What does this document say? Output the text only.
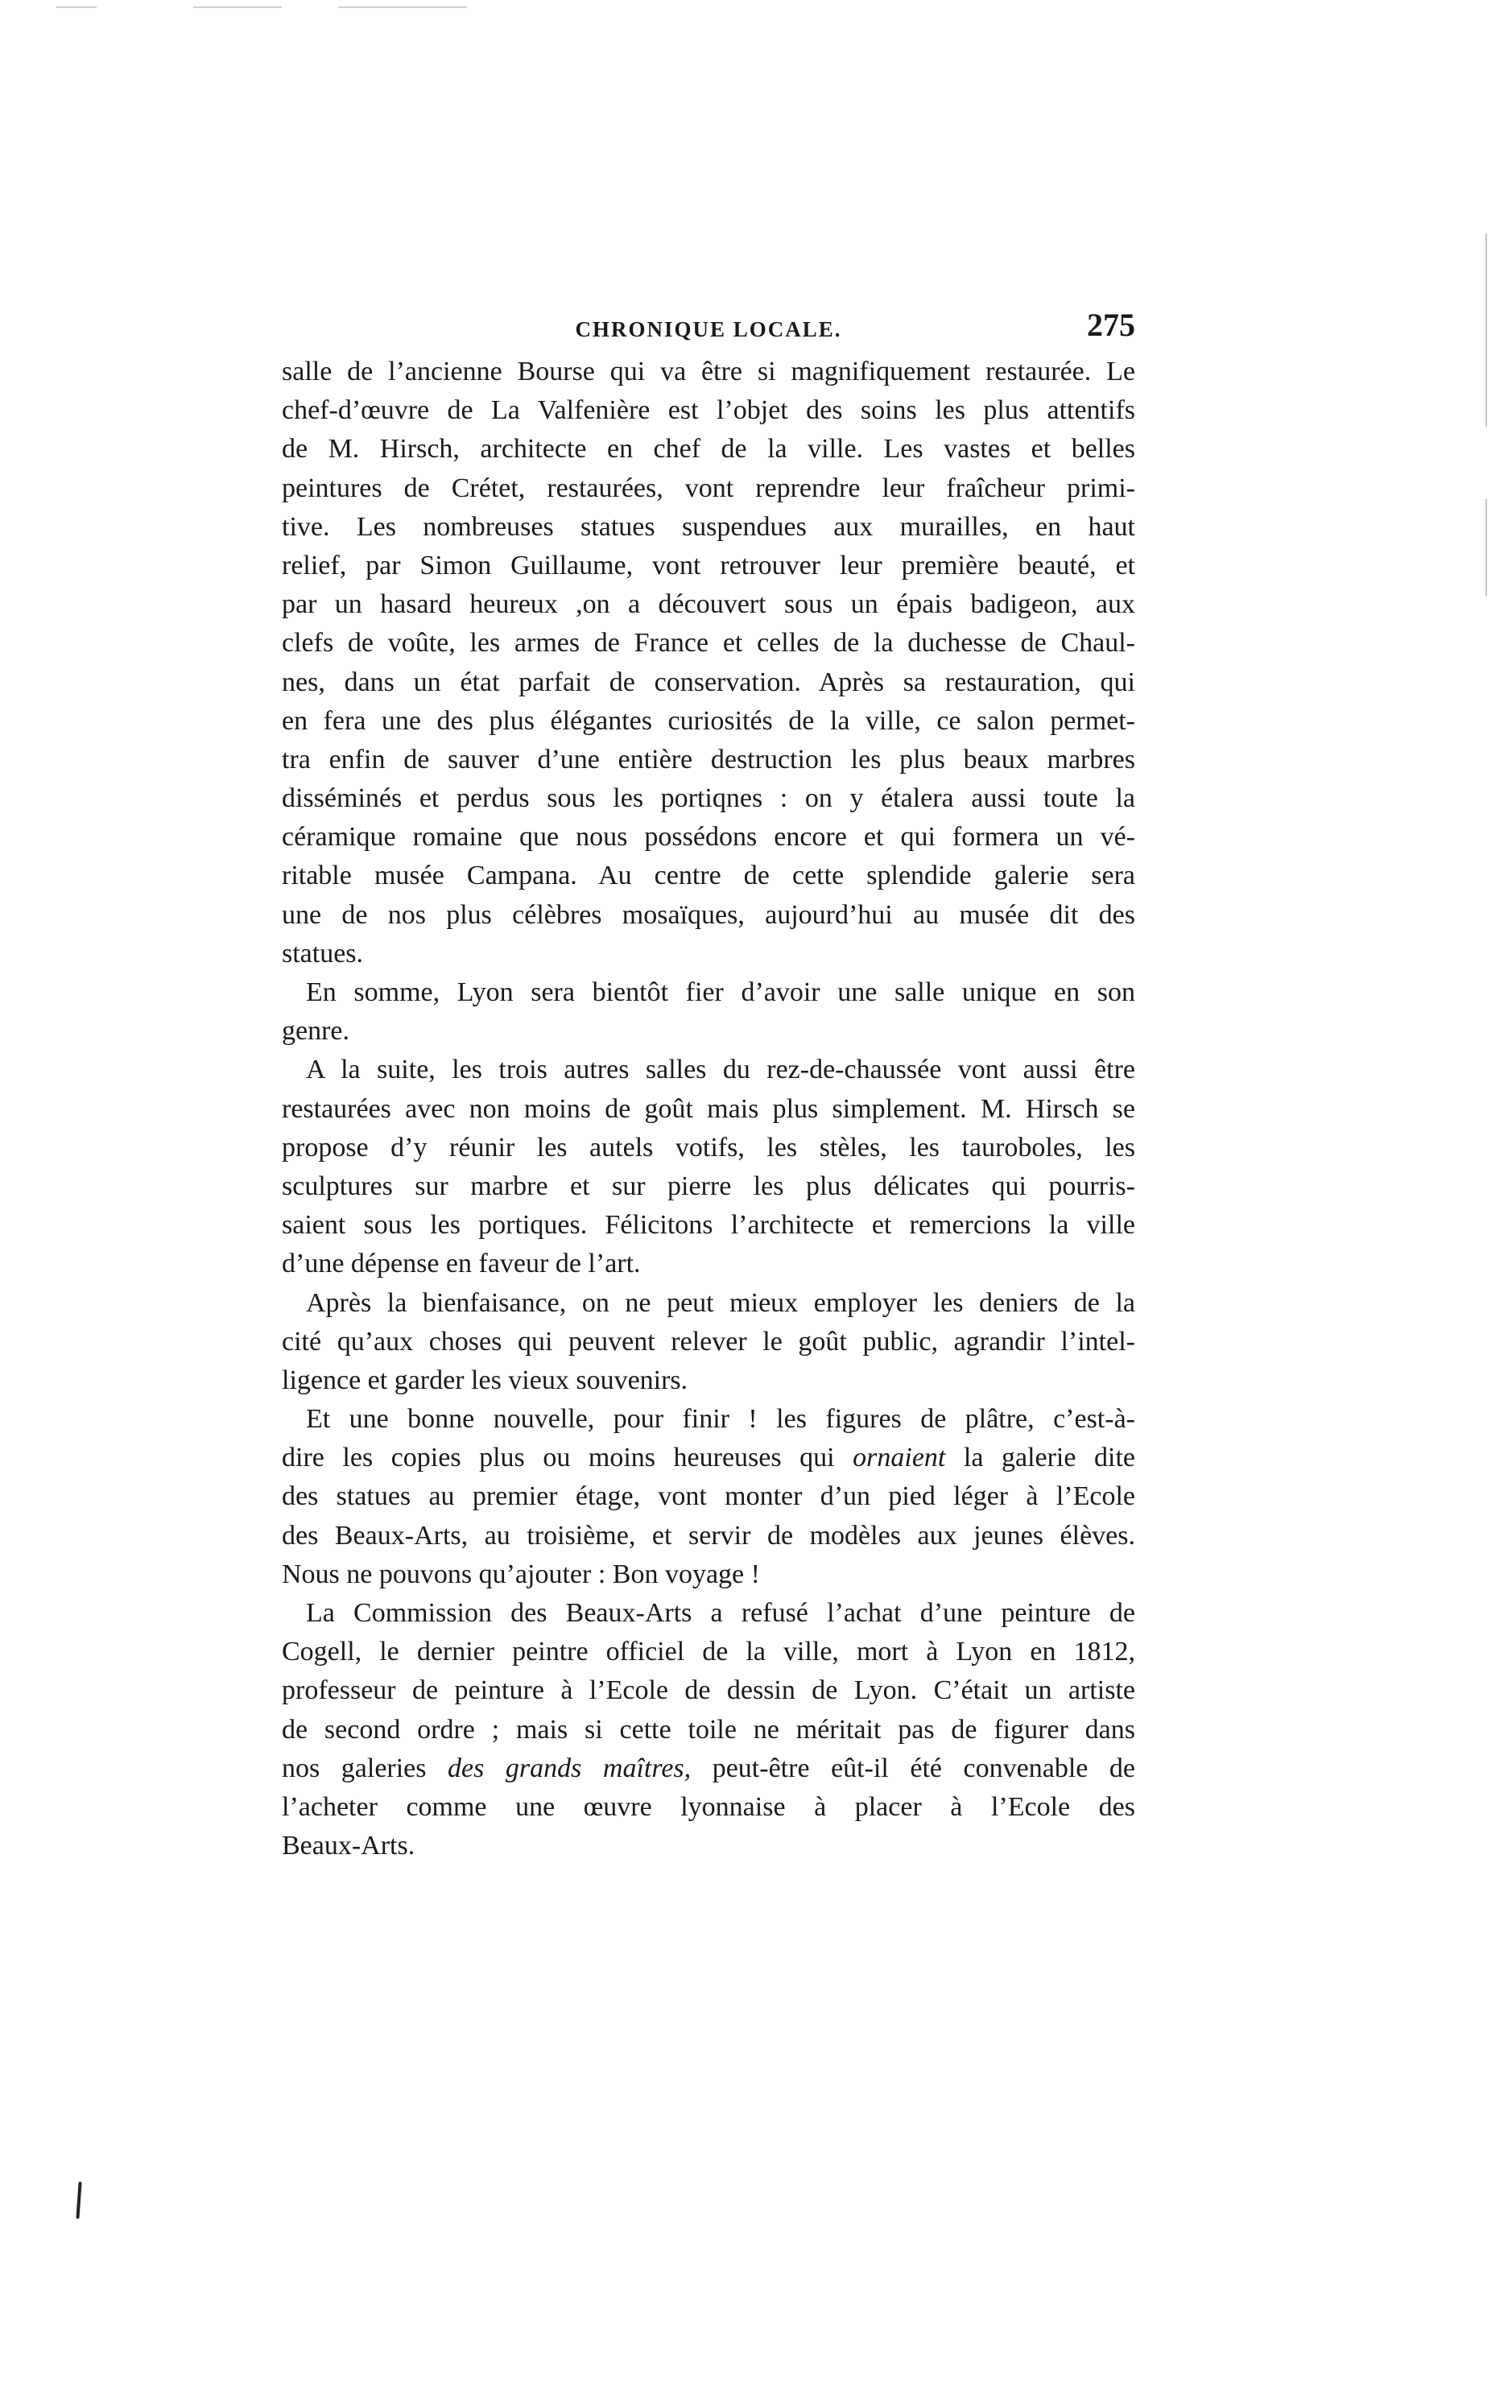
CHRONIQUE LOCALE.	275
salle de l’ancienne Bourse qui va être si magnifiquement restaurée. Le
chef-d’œuvre de La Valfenière est l’objet des soins les plus attentifs
de M. Hirsch, architecte en chef de la ville. Les vastes et belles
peintures de Crétet, restaurées, vont reprendre leur fraîcheur primi-
tive. Les nombreuses statues suspendues aux murailles, en haut
relief, par Simon Guillaume, vont retrouver leur première beauté, et
par un hasard heureux ,on a découvert sous un épais badigeon, aux
clefs de voûte, les armes de France et celles de la duchesse de Chaul-
nes, dans un état parfait de conservation. Après sa restauration, qui
en fera une des plus élégantes curiosités de la ville, ce salon permet-
tra enfin de sauver d’une entière destruction les plus beaux marbres
disséminés et perdus sous les portiqnes : on y étalera aussi toute la
céramique romaine que nous possédons encore et qui formera un vé-
ritable musée Campana. Au centre de cette splendide galerie sera
une de nos plus célèbres mosaïques, aujourd’hui au musée dit des
statues.
En somme, Lyon sera bientôt fier d’avoir une salle unique en son
genre.
A la suite, les trois autres salles du rez-de-chaussée vont aussi être
restaurées avec non moins de goût mais plus simplement. M. Hirsch se
propose d’y réunir les autels votifs, les stèles, les tauroboles, les
sculptures sur marbre et sur pierre les plus délicates qui pourris-
saient sous les portiques. Félicitons l’architecte et remercions la ville
d’une dépense en faveur de l’art.
Après la bienfaisance, on ne peut mieux employer les deniers de la
cité qu’aux choses qui peuvent relever le goût public, agrandir l’intel-
ligence et garder les vieux souvenirs.
Et une bonne nouvelle, pour finir ! les figures de plâtre, c’est-à-
dire les copies plus ou moins heureuses qui ornaient la galerie dite
des statues au premier étage, vont monter d’un pied léger à l’Ecole
des Beaux-Arts, au troisième, et servir de modèles aux jeunes élèves.
Nous ne pouvons qu’ajouter : Bon voyage !
La Commission des Beaux-Arts a refusé l’achat d’une peinture de
Cogell, le dernier peintre officiel de la ville, mort à Lyon en 1812,
professeur de peinture à l’Ecole de dessin de Lyon. C’était un artiste
de second ordre ; mais si cette toile ne méritait pas de figurer dans
nos galeries des grands maîtres, peut-être eût-il été convenable de
l’acheter comme une œuvre lyonnaise à placer à l’Ecole des
Beaux-Arts.
